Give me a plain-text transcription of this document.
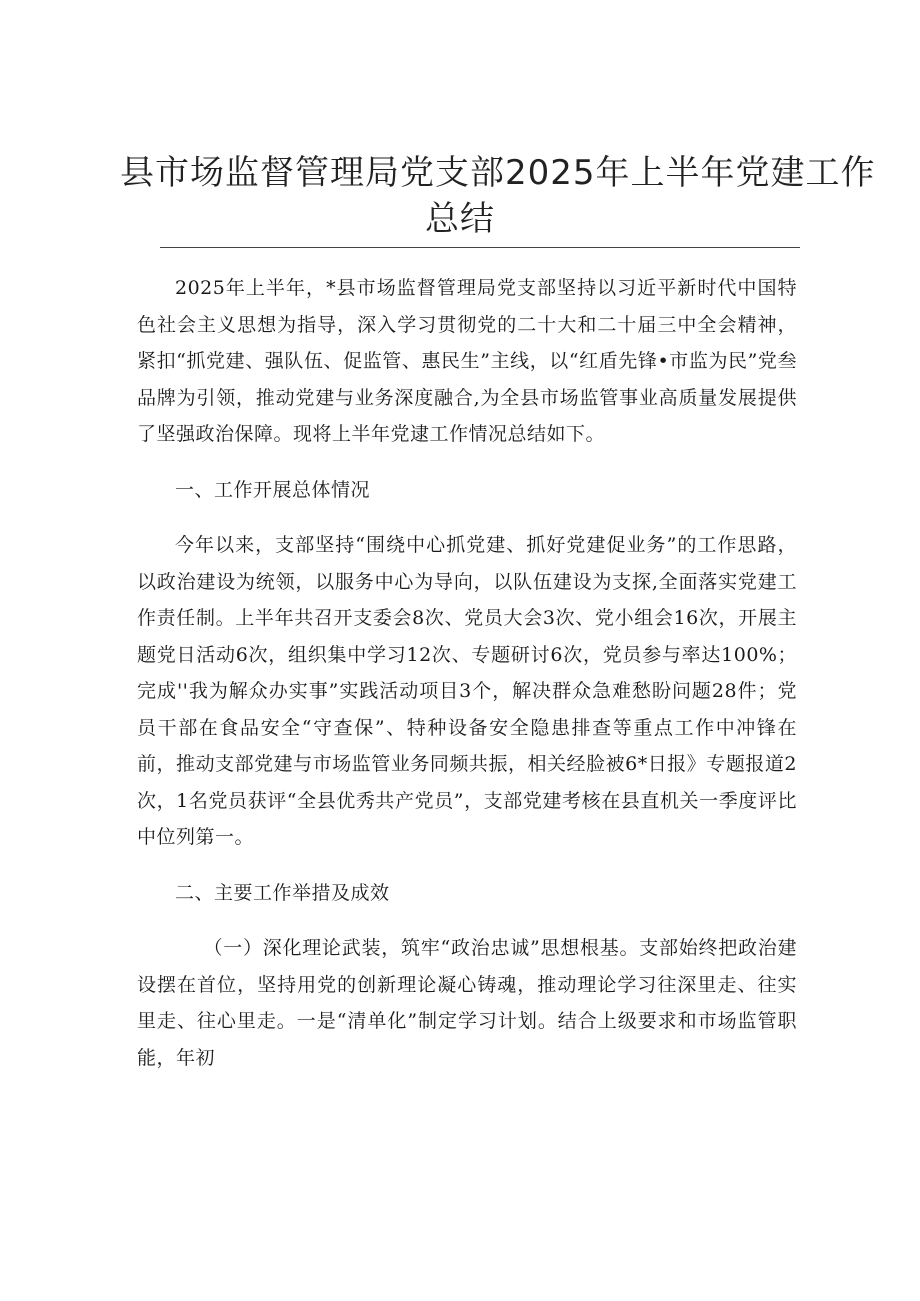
县市场监督管理局党支部2025年上半年党建工作
总结

2025年上半年，*县市场监督管理局党支部坚持以习近平新时代中国特色社会主义思想为指导，深入学习贯彻党的二十大和二十届三中全会精神，紧扣“抓党建、强队伍、促监管、惠民生”主线，以“红盾先锋•市监为民”党叁品牌为引领，推动党建与业务深度融合,为全县市场监管事业高质量发展提供了坚强政治保障。现将上半年党逮工作情况总结如下。

一、工作开展总体情况

今年以来，支部坚持“围绕中心抓党建、抓好党建促业务”的工作思路，以政治建设为统领，以服务中心为导向，以队伍建设为支探,全面落实党建工作责任制。上半年共召开支委会8次、党员大会3次、党小组会16次，开展主题党日活动6次，组织集中学习12次、专题研讨6次，党员参与率达100%；完成''我为解众办实事”实践活动项目3个，解决群众急难愁盼问题28件；党员干部在食品安全“守查保”、特种设备安全隐患排查等重点工作中冲锋在前，推动支部党建与市场监管业务同频共振，相关经脸被6*日报》专题报道2次，1名党员获评“全县优秀共产党员”，支部党建考核在县直机关一季度评比中位列第一。

二、主要工作举措及成效

（一）深化理论武装，筑牢“政治忠诚”思想根基。支部始终把政治建设摆在首位，坚持用党的创新理论凝心铸魂，推动理论学习往深里走、往实里走、往心里走。一是“清单化”制定学习计划。结合上级要求和市场监管职能，年初
